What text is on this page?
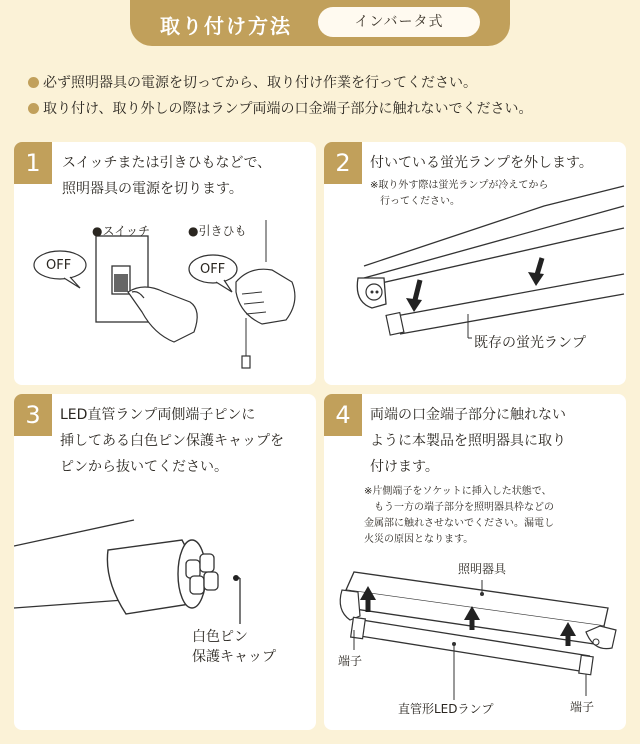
取り付け方法	インバータ式
必ず照明器具の電源を切ってから、取り付け作業を行ってください。
取り付け、取り外しの際はランプ両端の口金端子部分に触れないでください。
1	スイッチまたは引きひもなどで、
照明器具の電源を切ります。
●スイッチ	●引きひも
OFF	OFF
2	付いている蛍光ランプを外します。
※取り外す際は蛍光ランプが冷えてから
行ってください。
既存の蛍光ランプ
3	LED直管ランプ両側端子ピンに
挿してある白色ピン保護キャップを
ピンから抜いてください。
白色ピン
保護キャップ
4	両端の口金端子部分に触れない
ように本製品を照明器具に取り
付けます。
※片側端子をソケットに挿入した状態で、
もう一方の端子部分を照明器具枠などの
金属部に触れさせないでください。漏電し
火災の原因となります。
照明器具
端子
直管形LEDランプ	端子
